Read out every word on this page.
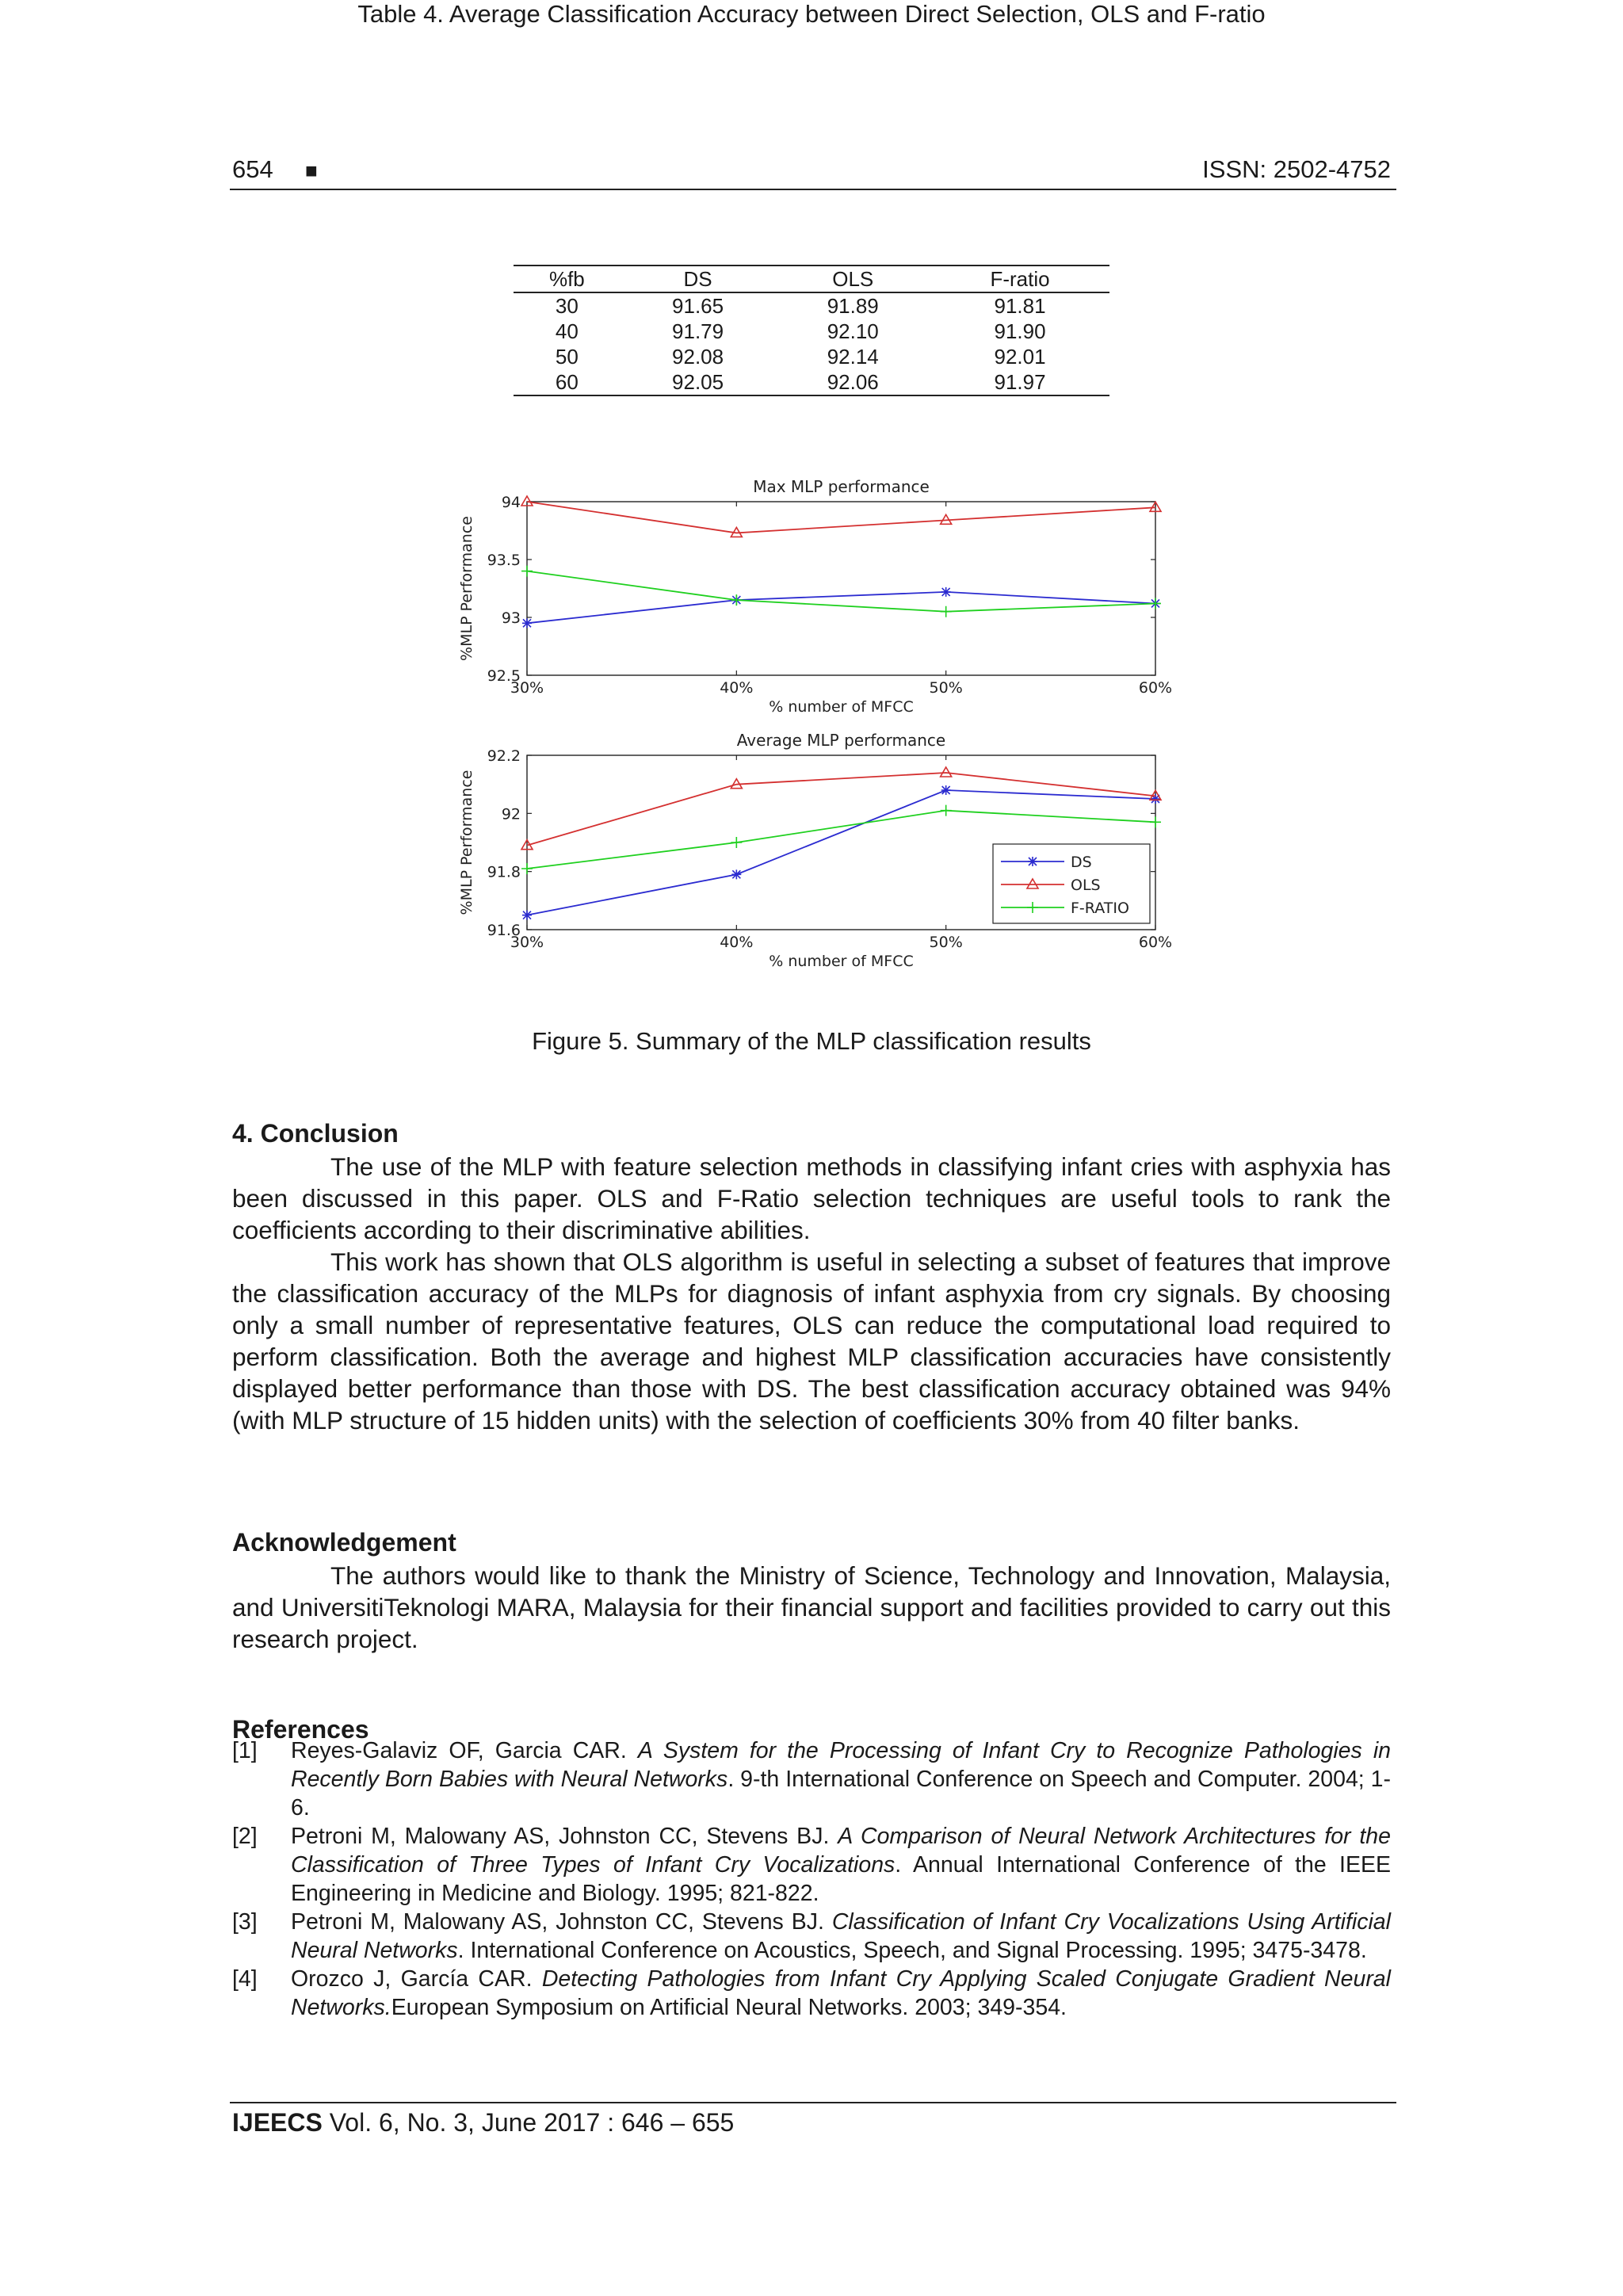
654 ■	ISSN: 2502-4752
Table 4. Average Classification Accuracy between Direct Selection, OLS and F-ratio
%fb	DS	OLS	F-ratio
30	91.65	91.89	91.81
40	91.79	92.10	91.90
50	92.08	92.14	92.01
60	92.05	92.06	91.97
Max MLP performance
30%	40%	50%	60%
92.5
93
93.5
94
% number of MFCC
%MLP Performance
Average MLP performance
30%	40%	50%	60%
91.6
91.8
92
92.2
% number of MFCC
%MLP Performance	DS
OLS
F-RATIO
Figure 5. Summary of the MLP classification results
4. Conclusion

The use of the MLP with feature selection methods in classifying infant cries with asphyxia has been discussed in this paper. OLS and F-Ratio selection techniques are useful tools to rank the coefficients according to their discriminative abilities.

This work has shown that OLS algorithm is useful in selecting a subset of features that improve the classification accuracy of the MLPs for diagnosis of infant asphyxia from cry signals. By choosing only a small number of representative features, OLS can reduce the computational load required to perform classification. Both the average and highest MLP classification accuracies have consistently displayed better performance than those with DS. The best classification accuracy obtained was 94% (with MLP structure of 15 hidden units) with the selection of coefficients 30% from 40 filter banks.

Acknowledgement

The authors would like to thank the Ministry of Science, Technology and Innovation, Malaysia, and UniversitiTeknologi MARA, Malaysia for their financial support and facilities provided to carry out this research project.

References
[1]	Reyes-Galaviz OF, Garcia CAR. A System for the Processing of Infant Cry to Recognize Pathologies in Recently Born Babies with Neural Networks. 9-th International Conference on Speech and Computer. 2004; 1-6.
[2]	Petroni M, Malowany AS, Johnston CC, Stevens BJ. A Comparison of Neural Network Architectures for the Classification of Three Types of Infant Cry Vocalizations. Annual International Conference of the IEEE Engineering in Medicine and Biology. 1995; 821-822.
[3]	Petroni M, Malowany AS, Johnston CC, Stevens BJ. Classification of Infant Cry Vocalizations Using Artificial Neural Networks. International Conference on Acoustics, Speech, and Signal Processing. 1995; 3475-3478.
[4]	Orozco J, García CAR. Detecting Pathologies from Infant Cry Applying Scaled Conjugate Gradient Neural Networks.European Symposium on Artificial Neural Networks. 2003; 349-354.
IJEECS Vol. 6, No. 3, June 2017 : 646 – 655
